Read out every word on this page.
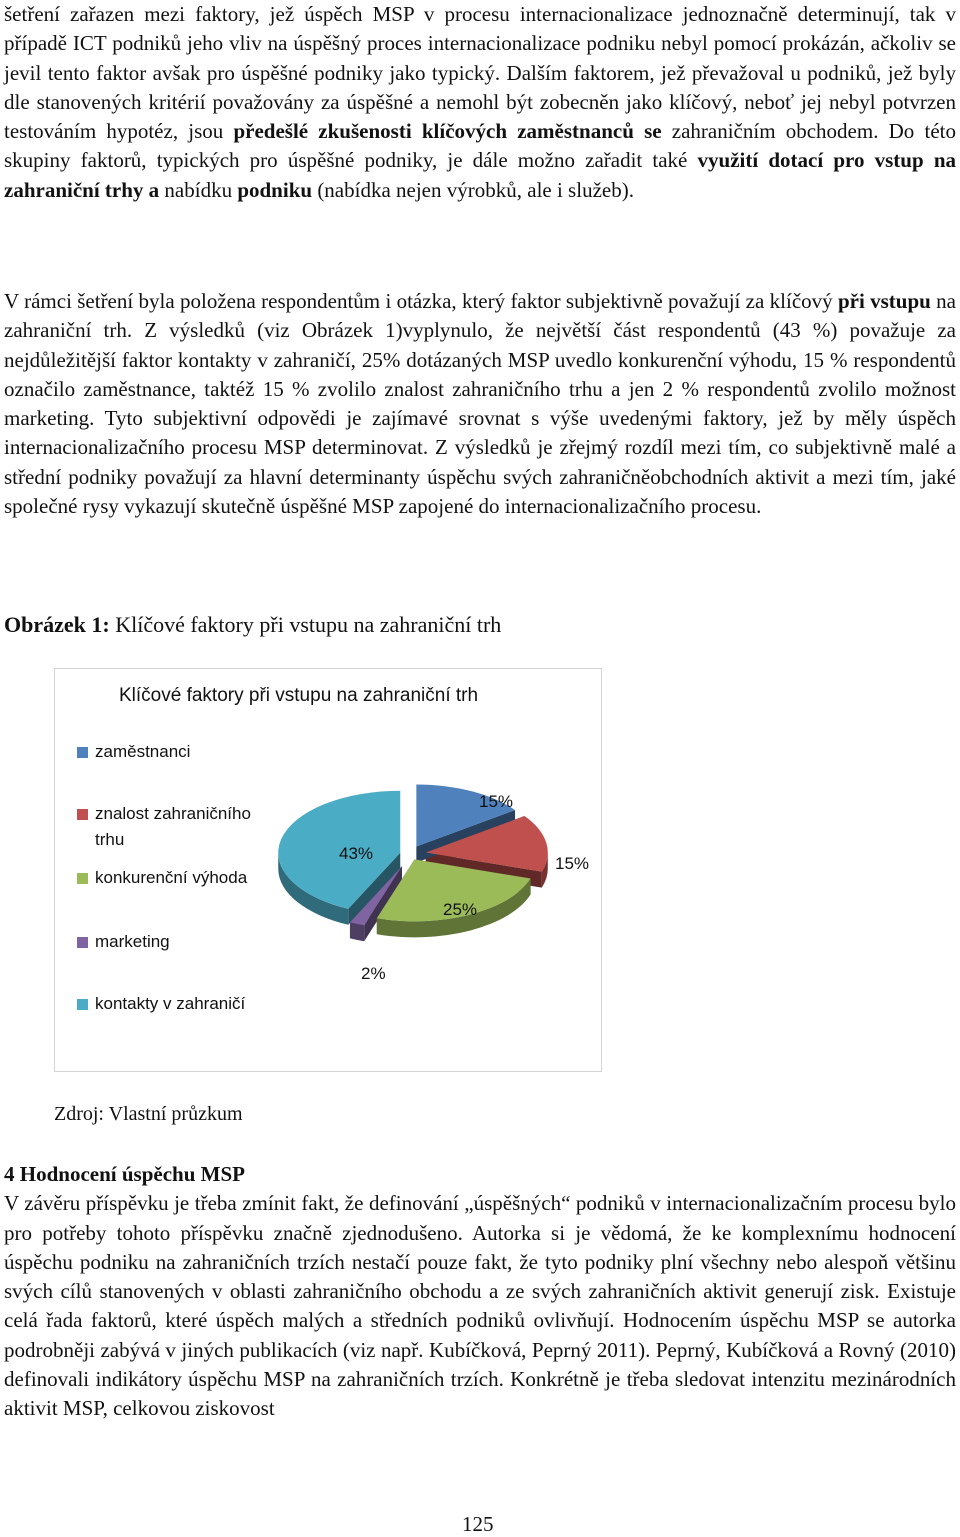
šetření zařazen mezi faktory, jež úspěch MSP v procesu internacionalizace jednoznačně determinují, tak v případě ICT podniků jeho vliv na úspěšný proces internacionalizace podniku nebyl pomocí prokázán, ačkoliv se jevil tento faktor avšak pro úspěšné podniky jako typický. Dalším faktorem, jež převažoval u podniků, jež byly dle stanovených kritérií považovány za úspěšné a nemohl být zobecněn jako klíčový, neboť jej nebyl potvrzen testováním hypotéz, jsou předešlé zkušenosti klíčových zaměstnanců se zahraničním obchodem. Do této skupiny faktorů, typických pro úspěšné podniky, je dále možno zařadit také využití dotací pro vstup na zahraniční trhy a nabídku podniku (nabídka nejen výrobků, ale i služeb).

V rámci šetření byla položena respondentům i otázka, který faktor subjektivně považují za klíčový při vstupu na zahraniční trh. Z výsledků (viz Obrázek 1)vyplynulo, že největší část respondentů (43 %) považuje za nejdůležitější faktor kontakty v zahraničí, 25% dotázaných MSP uvedlo konkurenční výhodu, 15 % respondentů označilo zaměstnance, taktéž 15 % zvolilo znalost zahraničního trhu a jen 2 % respondentů zvolilo možnost marketing. Tyto subjektivní odpovědi je zajímavé srovnat s výše uvedenými faktory, jež by měly úspěch internacionalizačního procesu MSP determinovat. Z výsledků je zřejmý rozdíl mezi tím, co subjektivně malé a střední podniky považují za hlavní determinanty úspěchu svých zahraničněobchodních aktivit a mezi tím, jaké společné rysy vykazují skutečně úspěšné MSP zapojené do internacionalizačního procesu.

Obrázek 1: Klíčové faktory při vstupu na zahraniční trh
Klíčové faktory při vstupu na zahraniční trh
zaměstnanci
znalost zahraničního trhu
konkurenční výhoda
marketing
kontakty v zahraničí
15%
15%
25%
2%
43%
Zdroj: Vlastní průzkum

4 Hodnocení úspěchu MSP

V závěru příspěvku je třeba zmínit fakt, že definování „úspěšných“ podniků v internacionalizačním procesu bylo pro potřeby tohoto příspěvku značně zjednodušeno. Autorka si je vědomá, že ke komplexnímu hodnocení úspěchu podniku na zahraničních trzích nestačí pouze fakt, že tyto podniky plní všechny nebo alespoň většinu svých cílů stanovených v oblasti zahraničního obchodu a ze svých zahraničních aktivit generují zisk. Existuje celá řada faktorů, které úspěch malých a středních podniků ovlivňují. Hodnocením úspěchu MSP se autorka podrobněji zabývá v jiných publikacích (viz např. Kubíčková, Peprný 2011). Peprný, Kubíčková a Rovný (2010) definovali indikátory úspěchu MSP na zahraničních trzích. Konkrétně je třeba sledovat intenzitu mezinárodních aktivit MSP, celkovou ziskovost

125
